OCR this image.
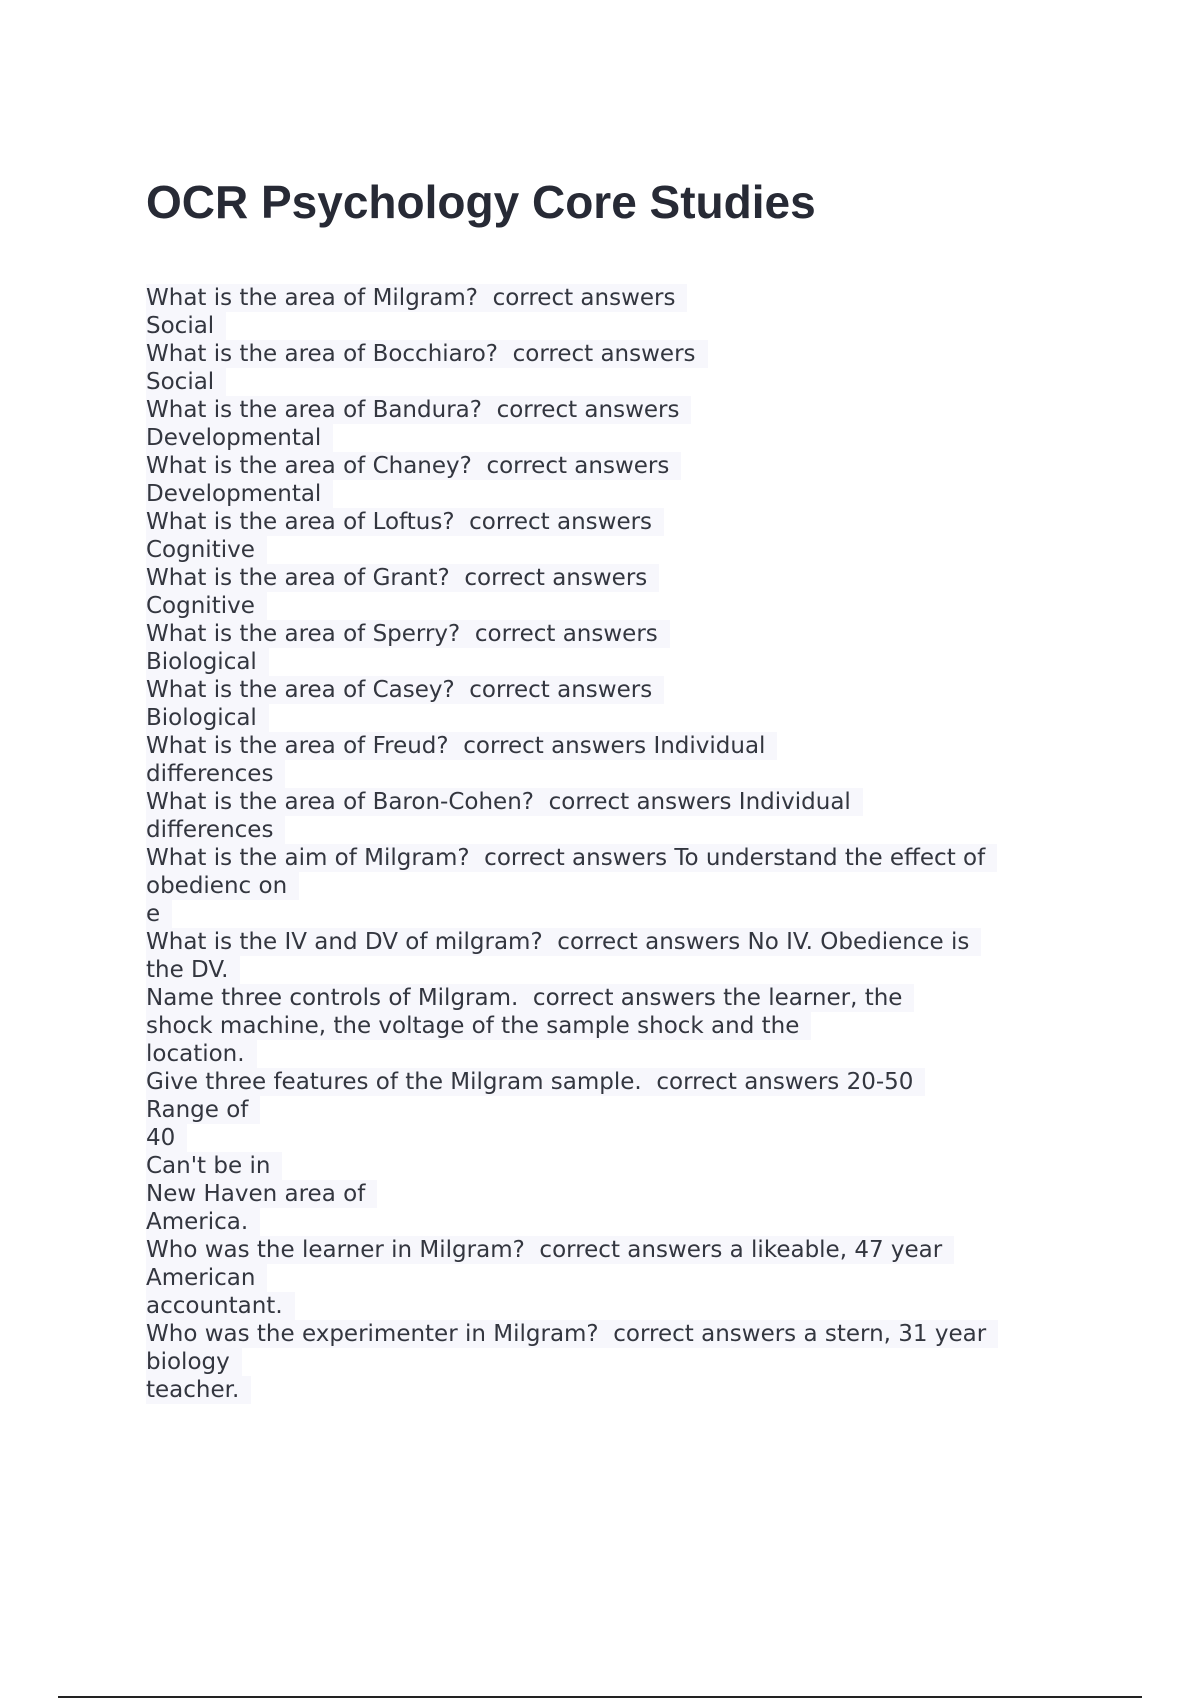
OCR Psychology Core Studies
What is the area of Milgram?  correct answers
Social
What is the area of Bocchiaro?  correct answers
Social
What is the area of Bandura?  correct answers
Developmental
What is the area of Chaney?  correct answers
Developmental
What is the area of Loftus?  correct answers
Cognitive
What is the area of Grant?  correct answers
Cognitive
What is the area of Sperry?  correct answers
Biological
What is the area of Casey?  correct answers
Biological
What is the area of Freud?  correct answers Individual
differences
What is the area of Baron-Cohen?  correct answers Individual
differences
What is the aim of Milgram?  correct answers To understand the effect of
obedienc on
e
What is the IV and DV of milgram?  correct answers No IV. Obedience is
the DV.
Name three controls of Milgram.  correct answers the learner, the
shock machine, the voltage of the sample shock and the
location.
Give three features of the Milgram sample.  correct answers 20-50
Range of
40
Can't be in
New Haven area of
America.
Who was the learner in Milgram?  correct answers a likeable, 47 year
American
accountant.
Who was the experimenter in Milgram?  correct answers a stern, 31 year
biology
teacher.
